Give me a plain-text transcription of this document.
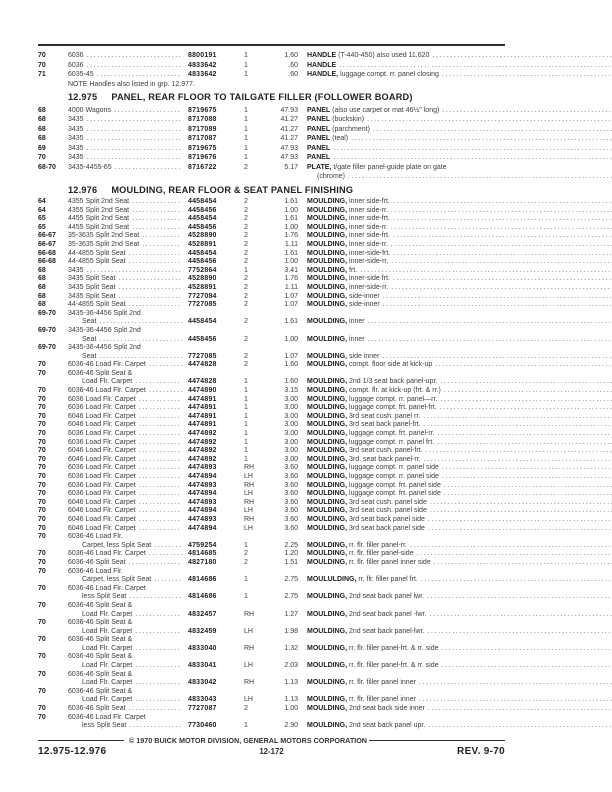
70	6036 .....	8800191	1	1.60 HANDLE (T-440-450) also used 11.620
.....
70	6036 .....	4833642	1	.60 HANDLE
.....
71	6035-45 .....	4833642	1	.60 HANDLE, luggage compt. rr. panel closing
.....
NOTE Handles also listed in grp. 12.977.
12.975 PANEL, REAR FLOOR TO TAILGATE FILLER (FOLLOWER BOARD)
68	4000 Wagons .....	8719675	1	47.93 PANEL (also use carpet or mat 46½" long)
.....
68	3435 .....	8717088	1	41.27 PANEL (buckskin)
.....
68	3435 .....	8717089	1	41.27 PANEL (parchment)
.....
68	3435 .....	8717087	1	41.27 PANEL (teal)
.....
69	3435 .....	8719675	1	47.93 PANEL
.....
70	3435 .....	8719676	1	47.93 PANEL
.....
68-70	3435-4455-65 .....	8716722	2	5.17 PLATE, t/gate filler panel-guide plate on gate
(chrome)
.....
12.976 MOULDING, REAR FLOOR & SEAT PANEL FINISHING
64	4355 Split 2nd Seat .....	4458454	2	1.61 MOULDING, inner side-frt.
.....
64	4355 Split 2nd Seat .....	4458456	2	1.00 MOULDING, inner side-rr.
.....
65	4455 Split 2nd Seat .....	4458454	2	1.61 MOULDING, inner side-frt.
.....
65	4455 Split 2nd Seat .....	4458456	2	1.00 MOULDING, inner side-rr.
.....
66-67	35-3635 Split 2nd Seat .....	4528890	2	1.76 MOULDING, inner side-frt.
.....
66-67	35-3635 Split 2nd Seat .....	4528891	2	1.11 MOULDING, inner side-rr.
.....
66-68	44-4855 Split Seat .....	4458454	2	1.61 MOULDING, inner-side-frt.
.....
66-68	44-4855 Split Seat .....	4458456	2	1.00 MOULDING, inner-side-rr.
.....
68	3435 .....	7752864	1	3.41 MOULDING, frt.
.....
68	3435 Split Seat .....	4528890	2	1.76 MOULDING, inner-side frt.
.....
68	3435 Split Seat .....	4528891	2	1.11 MOULDING, inner-side-rr.
.....
68	3435 Split Seat .....	7727084	2	1.07 MOULDING, side-inner
.....
68	44-4855 Split Seat .....	7727085	2	1.07 MOULDING, side-inner
.....
69-70	3435-36-4456 Split 2nd
Seat .....	4458454	2	1.61 MOULDING, inner
.....
69-70	3435-36-4456 Split 2nd
Seat .....	4458456	2	1.00 MOULDING, inner
.....
69-70	3435-36-4456 Split 2nd
Seat .....	7727085	2	1.07 MOULDING, side inner
.....
70	6036-46 Load Flr. Carpet .....	4474828	2	1.60 MOULDING, compt. floor side at kick-up
.....
70	6036-46 Split Seat &
Load Flr. Carpet .....	4474828	1	1.60 MOULDING, 2nd 1/3 seat back panel-upr.
.....
70	6036-46 Load Flr. Carpet .....	4474890	1	3.15 MOULDING, compt. flr. at kick-up (frt. & rr.)
.....
70	6036 Load Flr. Carpet .....	4474891	1	3.00 MOULDING, luggage compt. rr. panel—rr.
.....
70	6036 Load Flr. Carpet .....	4474891	1	3.00 MOULDING, luggage compt. frt. panel-frt.
.....
70	6046 Load Flr. Carpet .....	4474891	1	3.00 MOULDING, 3rd seat cush. panel rr.
.....
70	6046 Load Flr. Carpet .....	4474891	1	3.00 MOULDING, 3rd seat back panel-frt.
.....
70	6036 Load Flr. Carpet .....	4474892	1	3.00 MOULDING, luggage compt. frt. panel-rr.
.....
70	6036 Load Flr. Carpet .....	4474892	1	3.00 MOULDING, luggage compt. rr. panel frt.
.....
70	6046 Load Flr. Carpet .....	4474892	1	3.00 MOULDING, 3rd seat cush. panel-frt.
.....
70	6046 Load Flr. Carpet .....	4474892	1	3.00 MOULDING, 3rd. seat back panel-rr.
.....
70	6036 Load Flr. Carpet .....	4474893	RH	3.60 MOULDING, luggage compt. rr. panel side
.....
70	6036 Load Flr. Carpet .....	4474894	LH	3.60 MOULDING, luggage compt. rr. panel side
.....
70	6036 Load Flr. Carpet .....	4474893	RH	3.60 MOULDING, luggage compt. frt. panel side
.....
70	6036 Load Flr. Carpet .....	4474894	LH	3.60 MOULDING, luggage compt. frt. panel side
.....
70	6046 Load Flr. Carpet .....	4474893	RH	3.60 MOULDING, 3rd seat cush. panel side
.....
70	6046 Load Flr. Carpet .....	4474894	LH	3.60 MOULDING, 3rd seat cush. panel side
.....
70	6046 Load Flr. Carpet .....	4474893	RH	3.60 MOULDING, 3rd seat back panel side
.....
70	6046 Load Flr. Carpet .....	4474894	LH	3.60 MOULDING, 3rd seat back panel side
.....
70	6036-46 Load Flr.
Carpet, less Split Seat .....	4759254	1	2.25 MOULDING, rr. flr. filler panel-rr.
.....
70	6036-46 Load Flr. Carpet .....	4814685	2	1.20 MOULDING, rr. flr. filler panel-side
.....
70	6036-46 Split Seat .....	4827180	2	1.51 MOULDING, rr. flr. filler panel inner side
.....
70	6036-46 Load Flr.
Carpet, less Split Seat .....	4814686	1	2.75 MOULULDING, rr. flr. filler panel frt.
.....
70	6036-46 Load Flr. Carpet
less Split Seat .....	4814686	1	2.75 MOULDING, 2nd seat back panel lwr.
.....
70	6036-46 Split Seat &
Load Flr. Carpet .....	4832457	RH	1.27 MOULDING, 2nd seat back panel -lwr.
.....
70	6036-46 Split Seat &
Load Flr. Carpet .....	4832459	LH	1.98 MOULDING, 2nd seat back panel-lwr.
.....
70	6036-46 Split Seat &
Load Flr. Carpet .....	4833040	RH	1.32 MOULDING, rr. flr. filler panel-frt. & rr. side
.....
70	6036-46 Split Seat &
Load Flr. Carpet .....	4833041	LH	2.03 MOULDING, rr. flr. filler panel-frt. & rr. side
.....
70	6036-46 Split Seat &
Load Flr. Carpet .....	4833042	RH	1.13 MOULDING, rr. flr. filler panel inner
.....
70	6036-46 Split Seat &
Load Flr. Carpet .....	4833043	LH	1.13 MOULDING, rr. flr. filler panel inner
.....
70	6036-46 Split Seat .....	7727087	2	1.00 MOULDING, 2nd seat back side inner
.....
70	6036-46 Load Flr. Carpet
less Split Seat .....	7730460	1	2.90 MOULDING, 2nd seat back panel upr.
.....
© 1970 BUICK MOTOR DIVISION, GENERAL MOTORS CORPORATION
12.975-12.976	12-172	REV. 9-70
